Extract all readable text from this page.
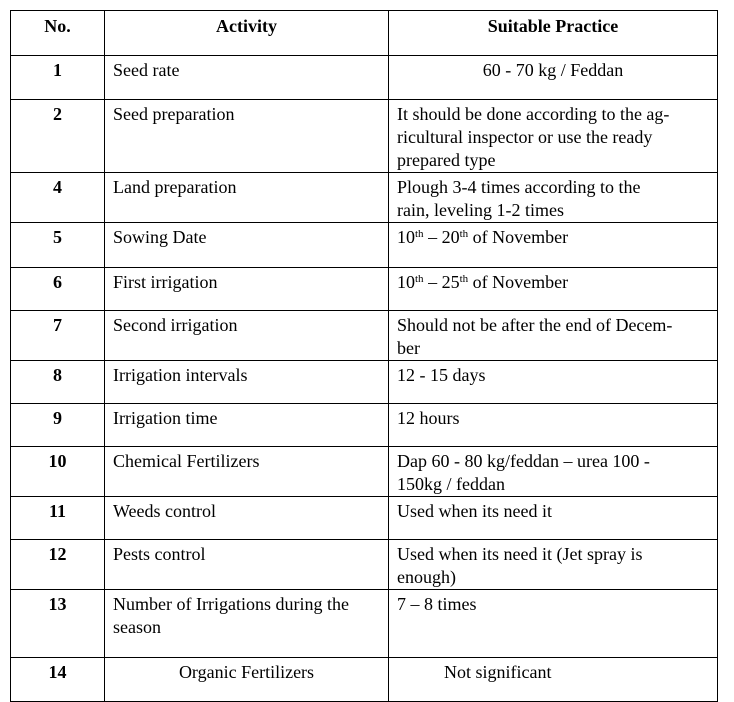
No.	Activity	Suitable Practice
1	Seed rate	60 - 70 kg / Feddan
2	Seed preparation	It should be done according to the ag-
ricultural inspector or use the ready
prepared type
4	Land preparation	Plough 3-4 times according to the
rain, leveling 1-2 times
5	Sowing Date	10th – 20th of November
6	First irrigation	10th – 25th of November
7	Second irrigation	Should not be after the end of Decem-
ber
8	Irrigation intervals	12 - 15 days
9	Irrigation time	12 hours
10	Chemical Fertilizers	Dap 60 - 80 kg/feddan – urea 100 -
150kg / feddan
11	Weeds control	Used when its need it
12	Pests control	Used when its need it (Jet spray is
enough)
13	Number of Irrigations during the
season	7 – 8 times
14	Organic Fertilizers	Not significant
